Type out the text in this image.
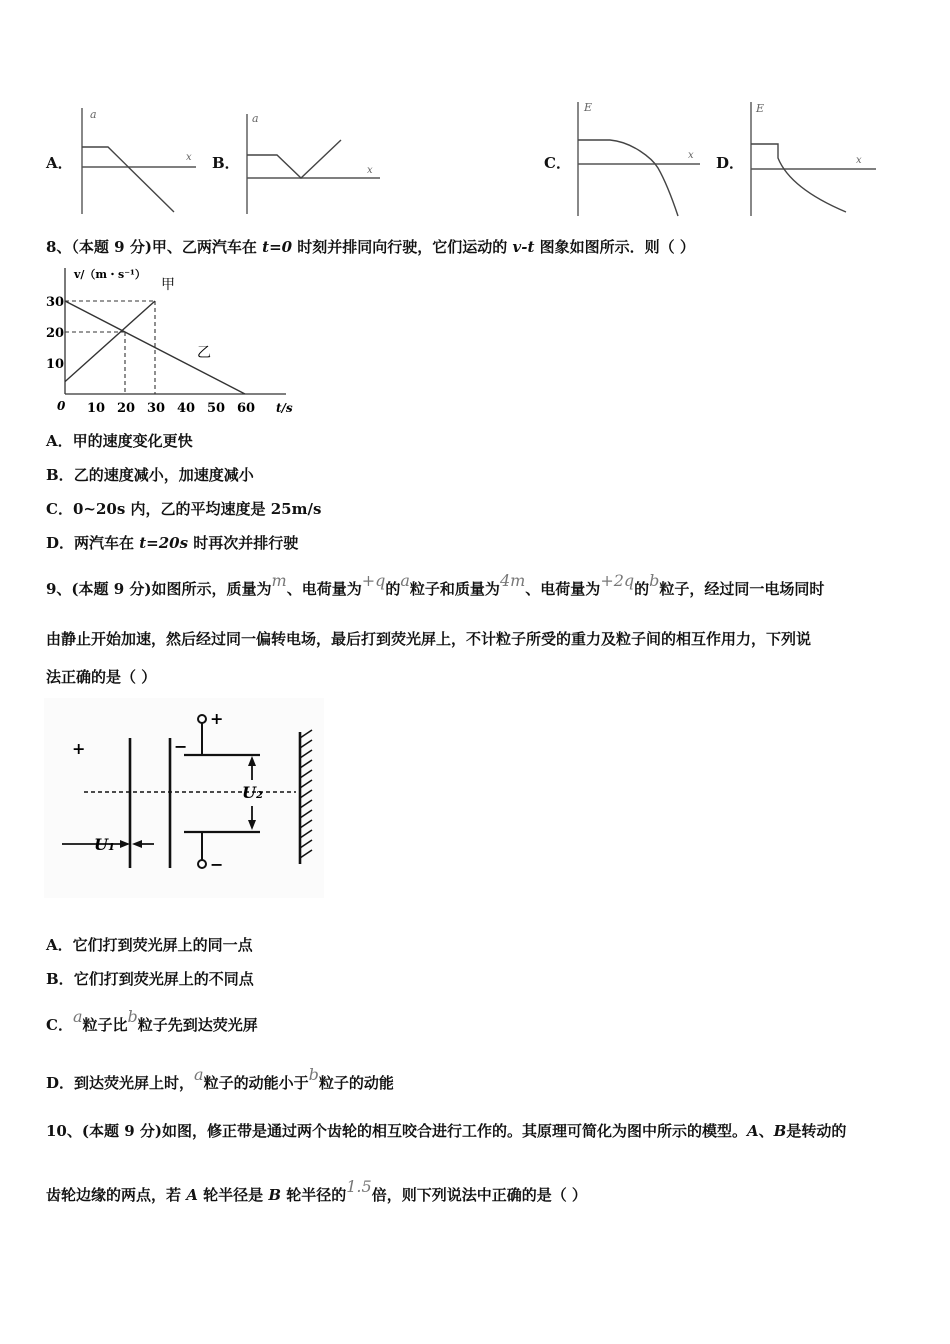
A．
a
x B．
a
x	C．
E
x D．
E
x
8、（本题 9 分)甲、乙两汽车在 t=0 时刻并排同向行驶，它们运动的 v-t 图象如图所示．则（ ）
v/（m・s⁻¹）
t/s
0 10 20 30 40 50 60
10
20
30
甲
乙
A．甲的速度变化更快
B．乙的速度减小，加速度减小
C．0~20s 内，乙的平均速度是 25m/s
D．两汽车在 t=20s 时再次并排行驶
9、(本题 9 分)如图所示，质量为m、电荷量为+q的a粒子和质量为4m、电荷量为+2q的b粒子，经过同一电场同时
由静止开始加速，然后经过同一偏转电场，最后打到荧光屏上，不计粒子所受的重力及粒子间的相互作用力，下列说
法正确的是（ ）
+	−
+
−
U₂
U₁
A．它们打到荧光屏上的同一点
B．它们打到荧光屏上的不同点
C．a粒子比b粒子先到达荧光屏
D．到达荧光屏上时，a粒子的动能小于b粒子的动能
10、(本题 9 分)如图，修正带是通过两个齿轮的相互咬合进行工作的。其原理可简化为图中所示的模型。A、B是转动的
齿轮边缘的两点，若 A 轮半径是 B 轮半径的1.5倍，则下列说法中正确的是（ ）
